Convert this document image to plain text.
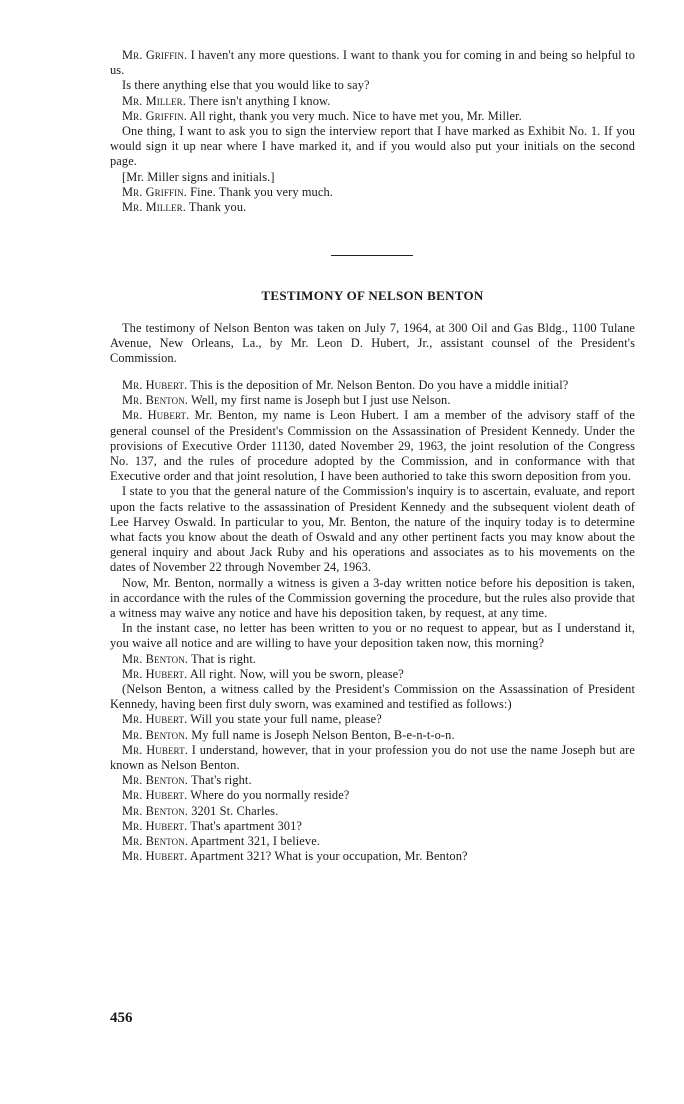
Mr. Griffin. I haven't any more questions. I want to thank you for coming in and being so helpful to us.

Is there anything else that you would like to say?

Mr. Miller. There isn't anything I know.

Mr. Griffin. All right, thank you very much. Nice to have met you, Mr. Miller.

One thing, I want to ask you to sign the interview report that I have marked as Exhibit No. 1. If you would sign it up near where I have marked it, and if you would also put your initials on the second page.

[Mr. Miller signs and initials.]

Mr. Griffin. Fine. Thank you very much.

Mr. Miller. Thank you.

TESTIMONY OF NELSON BENTON

The testimony of Nelson Benton was taken on July 7, 1964, at 300 Oil and Gas Bldg., 1100 Tulane Avenue, New Orleans, La., by Mr. Leon D. Hubert, Jr., assistant counsel of the President's Commission.

Mr. Hubert. This is the deposition of Mr. Nelson Benton. Do you have a middle initial?

Mr. Benton. Well, my first name is Joseph but I just use Nelson.

Mr. Hubert. Mr. Benton, my name is Leon Hubert. I am a member of the advisory staff of the general counsel of the President's Commission on the Assassination of President Kennedy. Under the provisions of Executive Order 11130, dated November 29, 1963, the joint resolution of the Congress No. 137, and the rules of procedure adopted by the Commission, and in conformance with that Executive order and that joint resolution, I have been authoried to take this sworn deposition from you.

I state to you that the general nature of the Commission's inquiry is to ascertain, evaluate, and report upon the facts relative to the assassination of President Kennedy and the subsequent violent death of Lee Harvey Oswald. In particular to you, Mr. Benton, the nature of the inquiry today is to determine what facts you know about the death of Oswald and any other pertinent facts you may know about the general inquiry and about Jack Ruby and his operations and associates as to his movements on the dates of November 22 through November 24, 1963.

Now, Mr. Benton, normally a witness is given a 3-day written notice before his deposition is taken, in accordance with the rules of the Commission governing the procedure, but the rules also provide that a witness may waive any notice and have his deposition taken, by request, at any time.

In the instant case, no letter has been written to you or no request to appear, but as I understand it, you waive all notice and are willing to have your deposition taken now, this morning?

Mr. Benton. That is right.

Mr. Hubert. All right. Now, will you be sworn, please?

(Nelson Benton, a witness called by the President's Commission on the Assassination of President Kennedy, having been first duly sworn, was examined and testified as follows:)

Mr. Hubert. Will you state your full name, please?

Mr. Benton. My full name is Joseph Nelson Benton, B-e-n-t-o-n.

Mr. Hubert. I understand, however, that in your profession you do not use the name Joseph but are known as Nelson Benton.

Mr. Benton. That's right.

Mr. Hubert. Where do you normally reside?

Mr. Benton. 3201 St. Charles.

Mr. Hubert. That's apartment 301?

Mr. Benton. Apartment 321, I believe.

Mr. Hubert. Apartment 321? What is your occupation, Mr. Benton?

456
